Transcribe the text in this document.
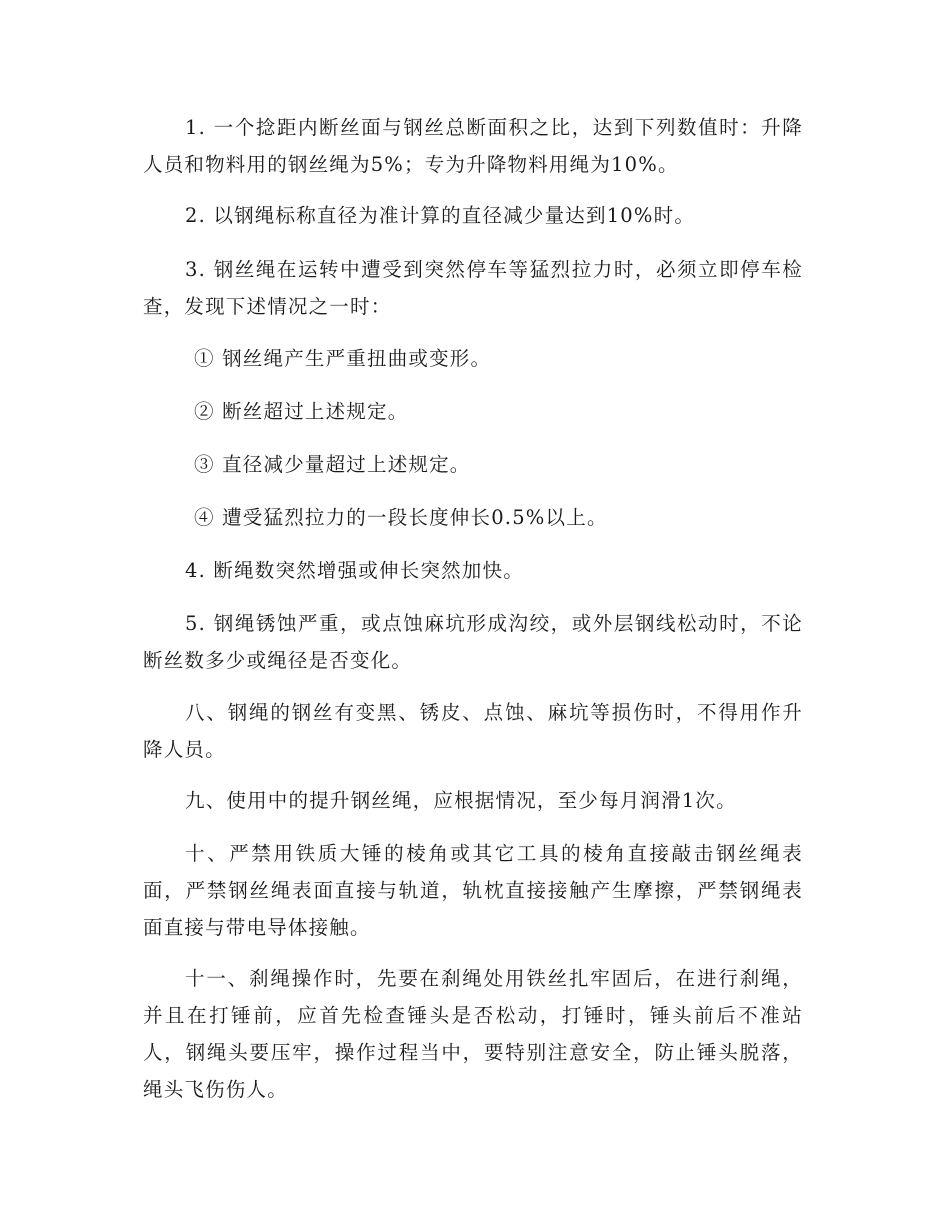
1. 一个捻距内断丝面与钢丝总断面积之比，达到下列数值时：升降人员和物料用的钢丝绳为5%；专为升降物料用绳为10%。

2. 以钢绳标称直径为准计算的直径减少量达到10%时。

3. 钢丝绳在运转中遭受到突然停车等猛烈拉力时，必须立即停车检查，发现下述情况之一时：

① 钢丝绳产生严重扭曲或变形。

② 断丝超过上述规定。

③ 直径减少量超过上述规定。

④ 遭受猛烈拉力的一段长度伸长0.5%以上。

4. 断绳数突然增强或伸长突然加快。

5. 钢绳锈蚀严重，或点蚀麻坑形成沟绞，或外层钢线松动时，不论断丝数多少或绳径是否变化。

八、钢绳的钢丝有变黑、锈皮、点蚀、麻坑等损伤时，不得用作升降人员。

九、使用中的提升钢丝绳，应根据情况，至少每月润滑1次。

十、严禁用铁质大锤的棱角或其它工具的棱角直接敲击钢丝绳表面，严禁钢丝绳表面直接与轨道，轨枕直接接触产生摩擦，严禁钢绳表面直接与带电导体接触。

十一、刹绳操作时，先要在刹绳处用铁丝扎牢固后，在进行刹绳，并且在打锤前，应首先检查锤头是否松动，打锤时，锤头前后不准站人，钢绳头要压牢，操作过程当中，要特别注意安全，防止锤头脱落，绳头飞伤伤人。
